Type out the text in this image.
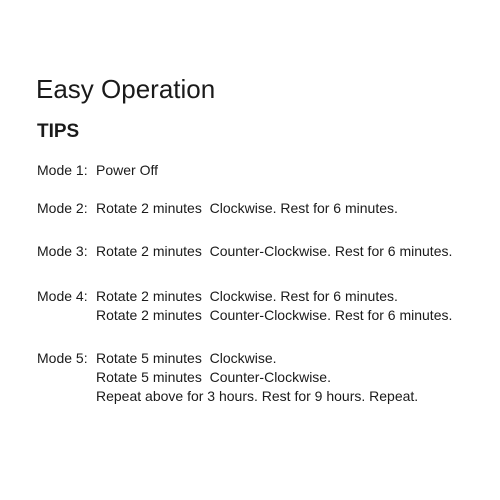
Easy Operation
TIPS
Mode 1: Power Off
Mode 2: Rotate 2 minutes  Clockwise. Rest for 6 minutes.
Mode 3: Rotate 2 minutes  Counter-Clockwise. Rest for 6 minutes.
Mode 4: Rotate 2 minutes  Clockwise. Rest for 6 minutes.
Rotate 2 minutes  Counter-Clockwise. Rest for 6 minutes.
Mode 5: Rotate 5 minutes  Clockwise.
Rotate 5 minutes  Counter-Clockwise.
Repeat above for 3 hours. Rest for 9 hours. Repeat.
